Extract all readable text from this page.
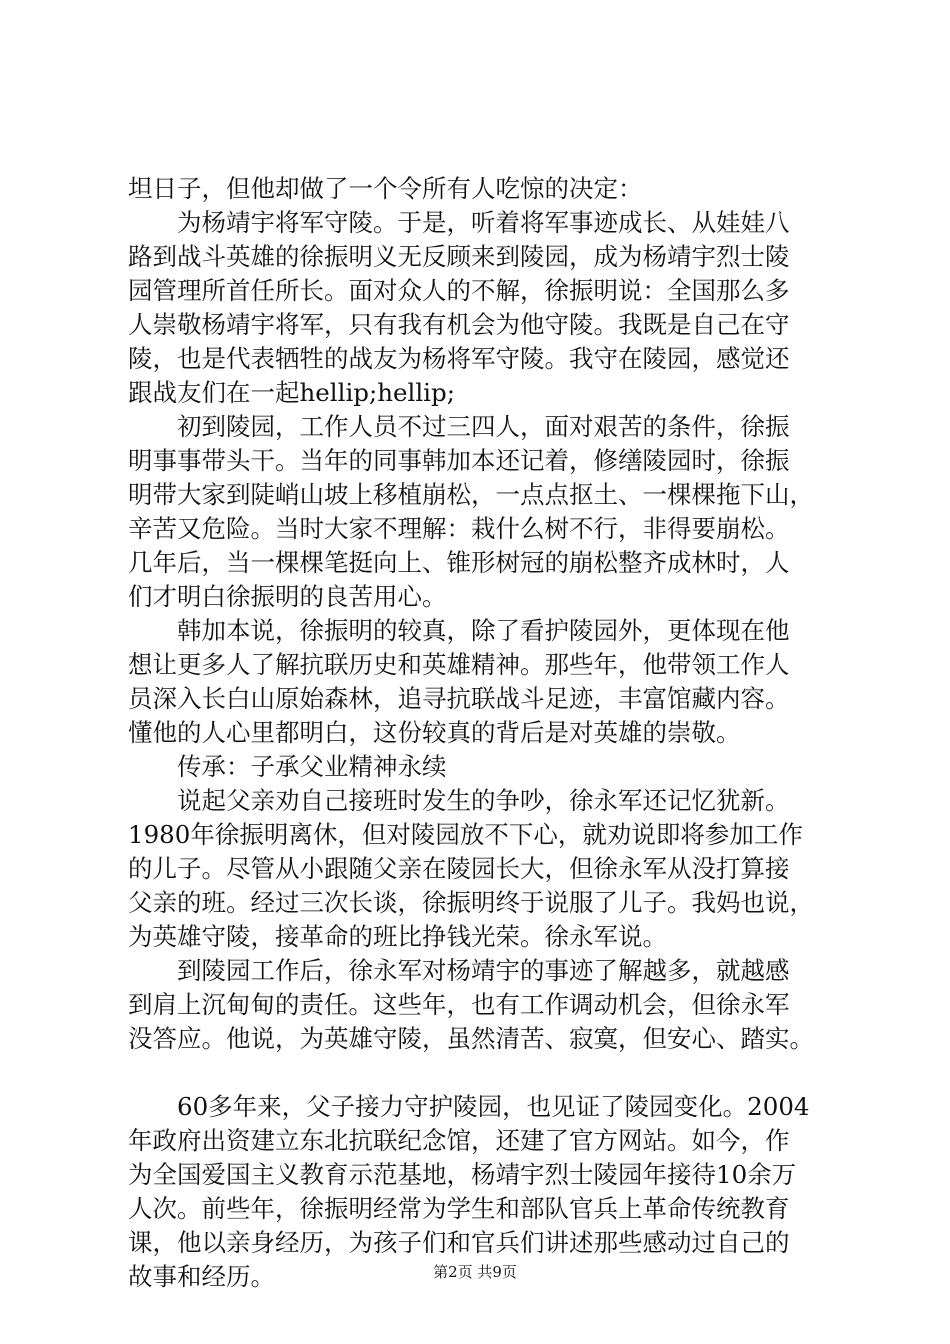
坦日子，但他却做了一个令所有人吃惊的决定：
为杨靖宇将军守陵。于是，听着将军事迹成长、从娃娃八
路到战斗英雄的徐振明义无反顾来到陵园，成为杨靖宇烈士陵
园管理所首任所长。面对众人的不解，徐振明说：全国那么多
人崇敬杨靖宇将军，只有我有机会为他守陵。我既是自己在守
陵，也是代表牺牲的战友为杨将军守陵。我守在陵园，感觉还
跟战友们在一起hellip;hellip;
初到陵园，工作人员不过三四人，面对艰苦的条件，徐振
明事事带头干。当年的同事韩加本还记着，修缮陵园时，徐振
明带大家到陡峭山坡上移植崩松，一点点抠土、一棵棵拖下山，
辛苦又危险。当时大家不理解：栽什么树不行，非得要崩松。
几年后，当一棵棵笔挺向上、锥形树冠的崩松整齐成林时，人
们才明白徐振明的良苦用心。
韩加本说，徐振明的较真，除了看护陵园外，更体现在他
想让更多人了解抗联历史和英雄精神。那些年，他带领工作人
员深入长白山原始森林，追寻抗联战斗足迹，丰富馆藏内容。
懂他的人心里都明白，这份较真的背后是对英雄的崇敬。
传承：子承父业精神永续
说起父亲劝自己接班时发生的争吵，徐永军还记忆犹新。
1980年徐振明离休，但对陵园放不下心，就劝说即将参加工作
的儿子。尽管从小跟随父亲在陵园长大，但徐永军从没打算接
父亲的班。经过三次长谈，徐振明终于说服了儿子。我妈也说，
为英雄守陵，接革命的班比挣钱光荣。徐永军说。
到陵园工作后，徐永军对杨靖宇的事迹了解越多，就越感
到肩上沉甸甸的责任。这些年，也有工作调动机会，但徐永军
没答应。他说，为英雄守陵，虽然清苦、寂寞，但安心、踏实。
60多年来，父子接力守护陵园，也见证了陵园变化。2004
年政府出资建立东北抗联纪念馆，还建了官方网站。如今，作
为全国爱国主义教育示范基地，杨靖宇烈士陵园年接待10余万
人次。前些年，徐振明经常为学生和部队官兵上革命传统教育
课，他以亲身经历，为孩子们和官兵们讲述那些感动过自己的
故事和经历。	第2页 共9页
